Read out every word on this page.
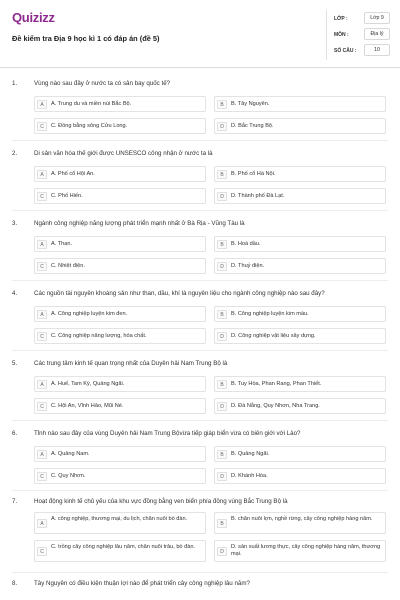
Quizizz
Đề kiểm tra Địa 9 học kì 1 có đáp án (đề 5)
LỚP :	Lớp 9
MÔN :	Địa lý
SỐ CÂU :	10
1.	Vùng nào sau đây ở nước ta có sân bay quốc tế?
A	A. Trung du và miền núi Bắc Bộ.	B	B. Tây Nguyên.
C	C. Đồng bằng sông Cửu Long.	D	D. Bắc Trung Bộ.
2.	Di sản văn hóa thế giới được UNSESCO công nhận ở nước ta là
A	A. Phố cổ Hội An.	B	B. Phố cổ Hà Nội.
C	C. Phố Hiến.	D	D. Thành phố Đà Lạt.
3.	Ngành công nghiệp năng lượng phát triển mạnh nhất ở Bà Rịa - Vũng Tàu là
A	A. Than.	B	B. Hoá dầu.
C	C. Nhiệt điện.	D	D. Thuỷ điện.
4.	Các nguồn tài nguyên khoáng sản như than, dầu, khí là nguyên liệu cho ngành công nghiệp nào sau đây?
A	A. Công nghiệp luyện kim đen.	B	B. Công nghiệp luyện kim màu.
C	C. Công nghiệp năng lượng, hóa chất.	D	D. Công nghiệp vật liệu xây dựng.
5.	Các trung tâm kinh tế quan trọng nhất của Duyên hải Nam Trung Bộ là
A	A. Huế, Tam Kỳ, Quảng Ngãi.	B	B. Tuy Hòa, Phan Rang, Phan Thiết.
C	C. Hội An, Vĩnh Hảo, Mũi Né.	D	D. Đà Nẵng, Quy Nhơn, Nha Trang.
6.	Tỉnh nào sau đây của vùng Duyên hải Nam Trung Bộvừa tiếp giáp biển vừa có biên giới với Lào?
A	A. Quảng Nam.	B	B. Quảng Ngãi.
C	C. Quy Nhơn.	D	D. Khánh Hòa.
7.	Hoạt động kinh tế chủ yếu của khu vực đồng bằng ven biển phía đông vùng Bắc Trung Bộ là
A
A. công nghiệp, thương mại, du lịch, chăn nuôi bò đàn.
B
B. chăn nuôi lợn, nghề rừng, cây công nghiệp hàng năm.
C
C. trồng cây công nghiệp lâu năm, chăn nuôi trâu, bò đàn.
D
D. sản xuất lương thực, cây công nghiệp hàng năm, thương mại.
8.	Tây Nguyên có điều kiện thuận lợi nào để phát triển cây công nghiệp lâu năm?
